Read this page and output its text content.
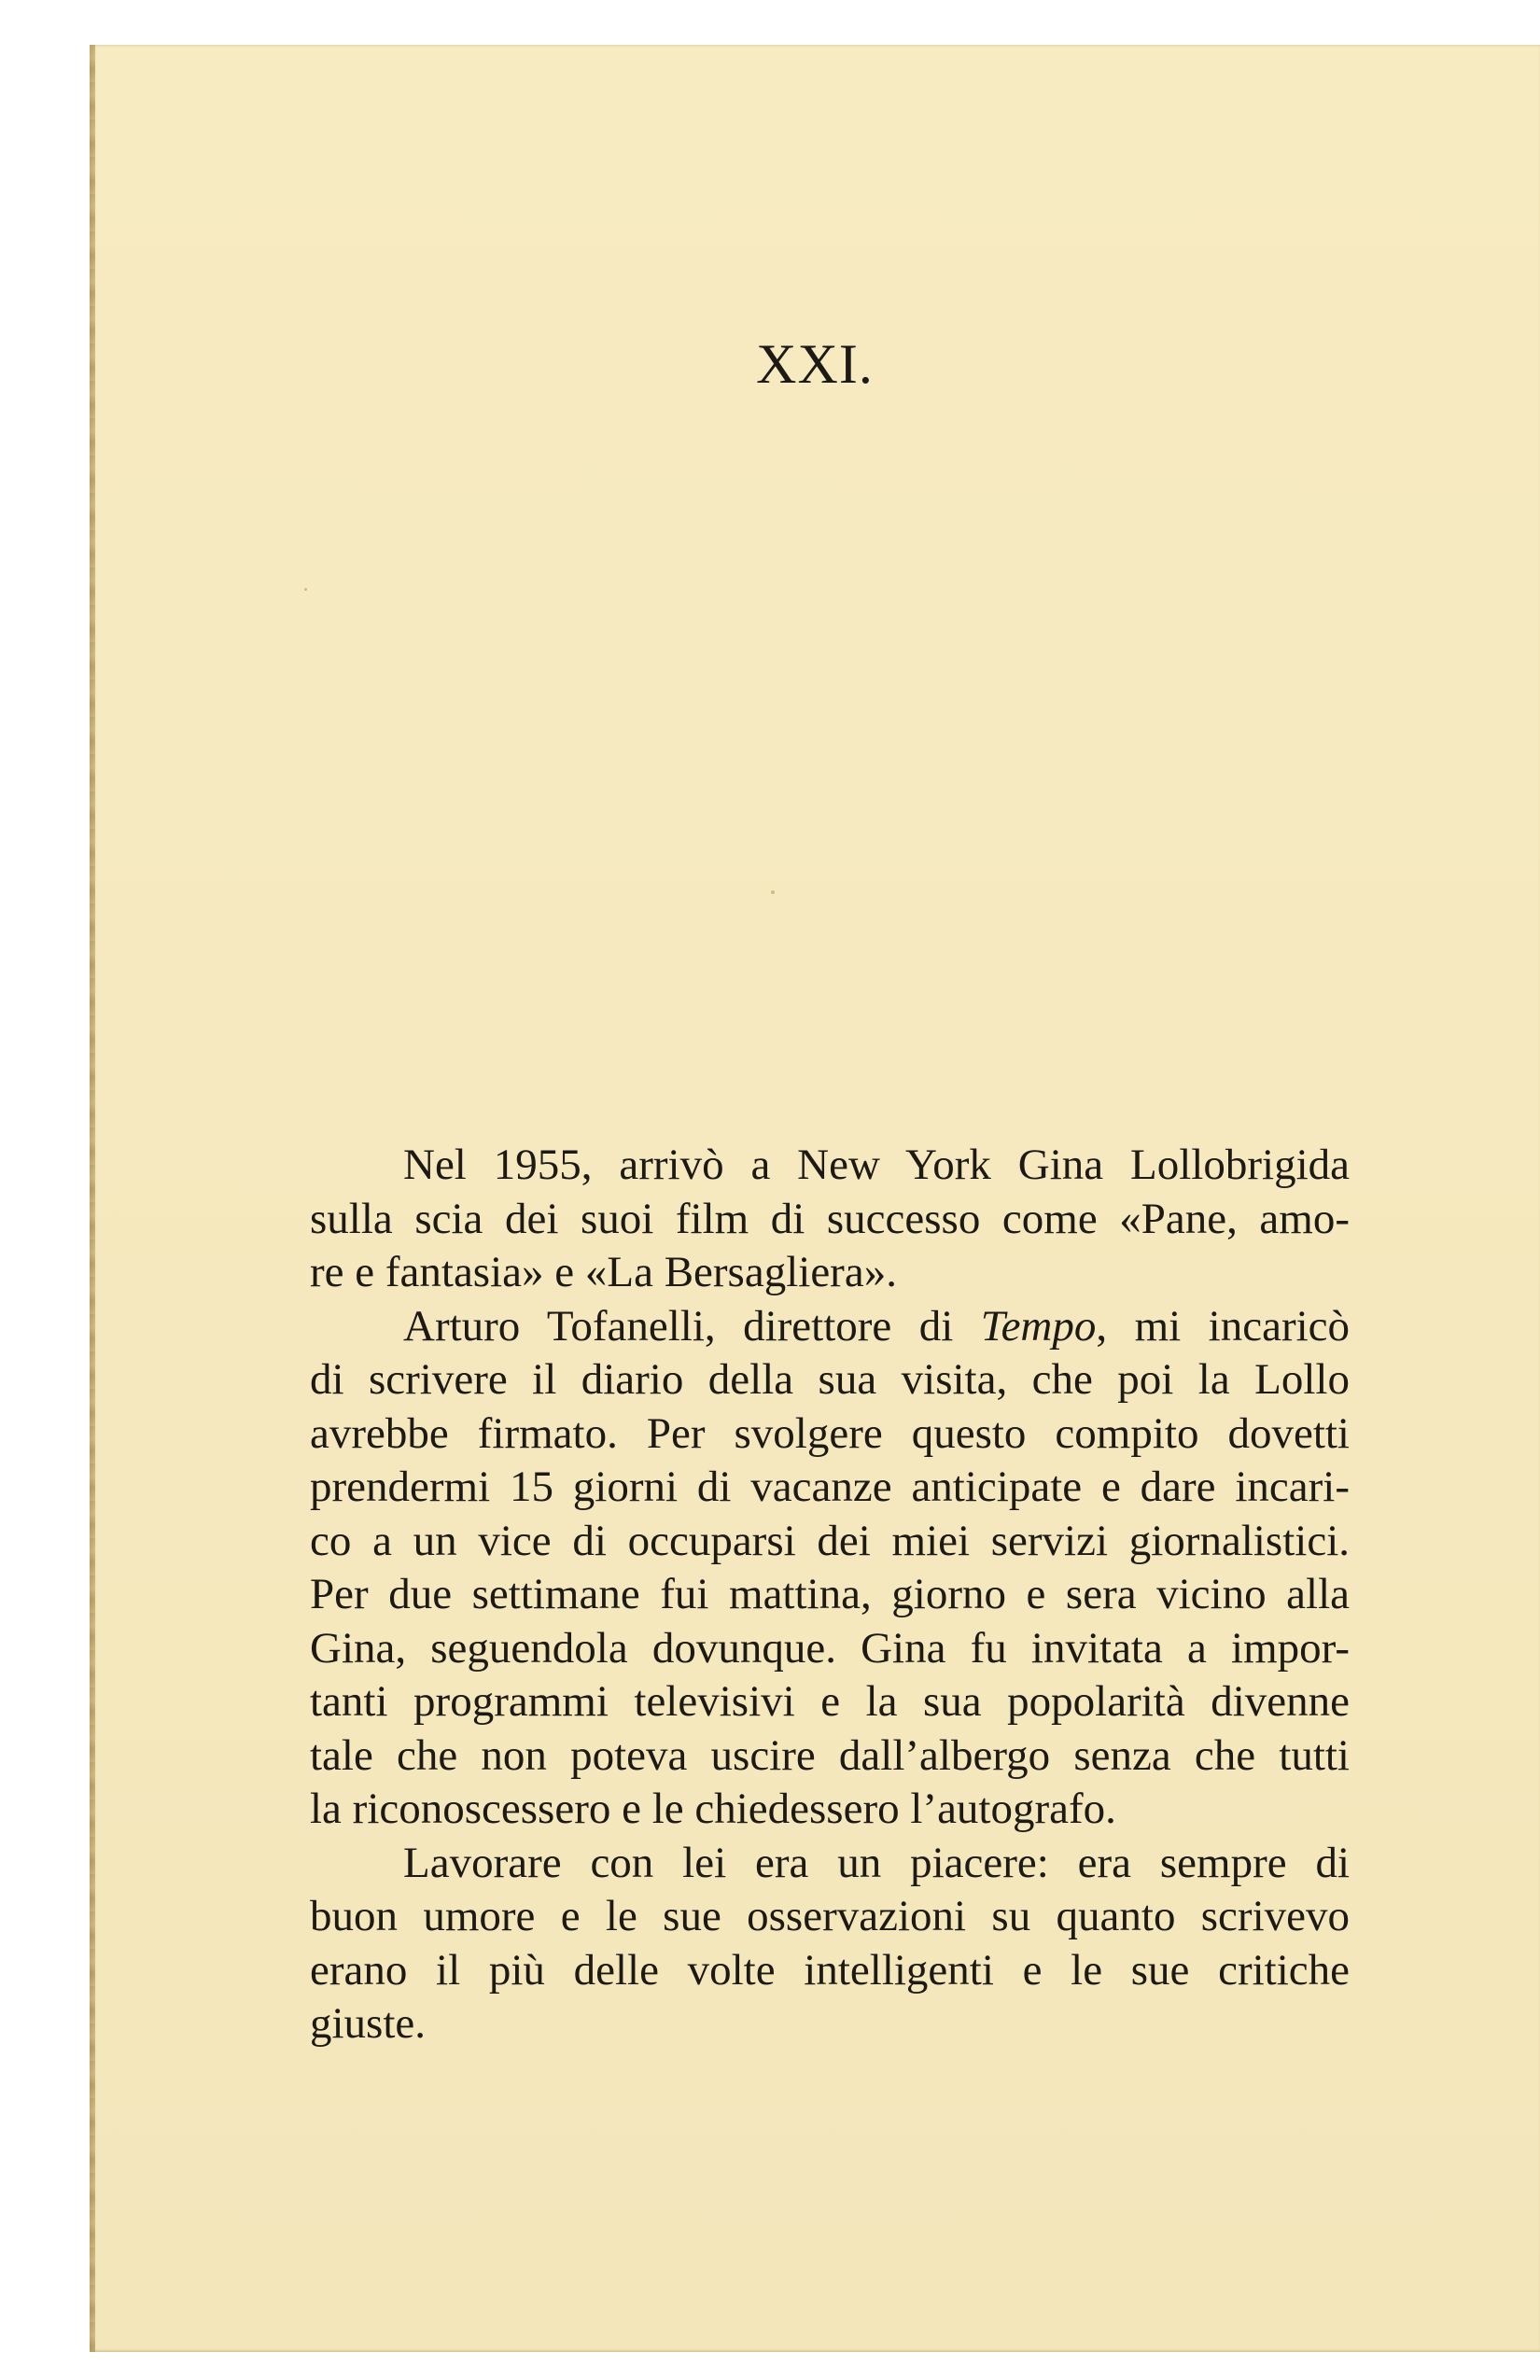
XXI.
Nel 1955, arrivò a New York Gina Lollobrigida
sulla scia dei suoi film di successo come «Pane, amo-
re e fantasia» e «La Bersagliera».
Arturo Tofanelli, direttore di Tempo, mi incaricò
di scrivere il diario della sua visita, che poi la Lollo
avrebbe firmato. Per svolgere questo compito dovetti
prendermi 15 giorni di vacanze anticipate e dare incari-
co a un vice di occuparsi dei miei servizi giornalistici.
Per due settimane fui mattina, giorno e sera vicino alla
Gina, seguendola dovunque. Gina fu invitata a impor-
tanti programmi televisivi e la sua popolarità divenne
tale che non poteva uscire dall’albergo senza che tutti
la riconoscessero e le chiedessero l’autografo.
Lavorare con lei era un piacere: era sempre di
buon umore e le sue osservazioni su quanto scrivevo
erano il più delle volte intelligenti e le sue critiche
giuste.
